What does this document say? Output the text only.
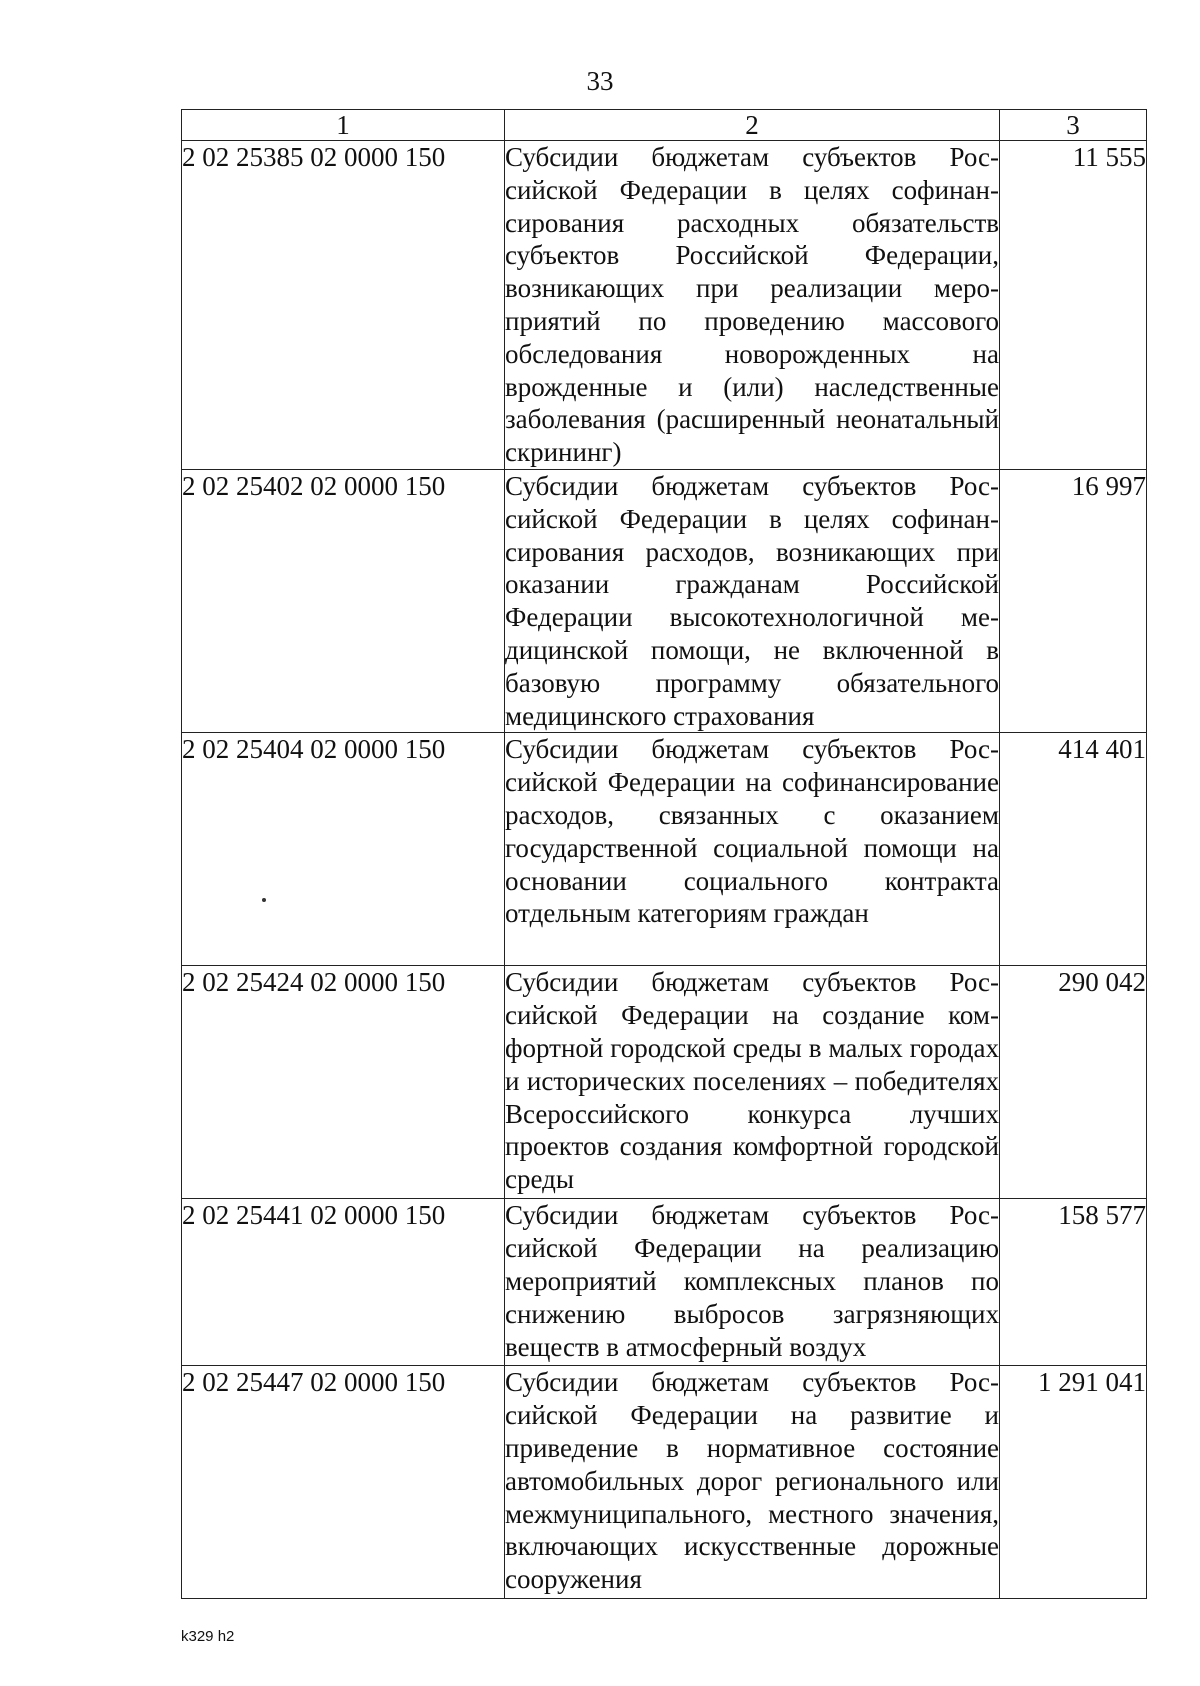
33
1	2	3
2 02 25385 02 0000 150	Субсидии бюджетам субъектов Российской Федерации в целях софинансирования расходных обязательств субъектов Российской Федерации, возникающих при реализации мероприятий по проведению массового обследования новорожденных на врожденные и (или) наследственные заболевания (расширенный неонатальный скрининг)	11 555
2 02 25402 02 0000 150	Субсидии бюджетам субъектов Российской Федерации в целях софинансирования расходов, возникающих при оказании гражданам Российской Федерации высокотехнологичной медицинской помощи, не включенной в базовую программу обязательного медицинского страхования	16 997
2 02 25404 02 0000 150	Субсидии бюджетам субъектов Российской Федерации на софинансирование расходов, связанных с оказанием государственной социальной помощи на основании социального контракта отдельным категориям граждан	414 401
2 02 25424 02 0000 150	Субсидии бюджетам субъектов Российской Федерации на создание комфортной городской среды в малых городах и исторических поселениях – победителях Всероссийского конкурса лучших проектов создания комфортной городской среды	290 042
2 02 25441 02 0000 150	Субсидии бюджетам субъектов Российской Федерации на реализацию мероприятий комплексных планов по снижению выбросов загрязняющих веществ в атмосферный воздух	158 577
2 02 25447 02 0000 150	Субсидии бюджетам субъектов Российской Федерации на развитие и приведение в нормативное состояние автомобильных дорог регионального или межмуниципального, местного значения, включающих искусственные дорожные сооружения	1 291 041
k329 h2
